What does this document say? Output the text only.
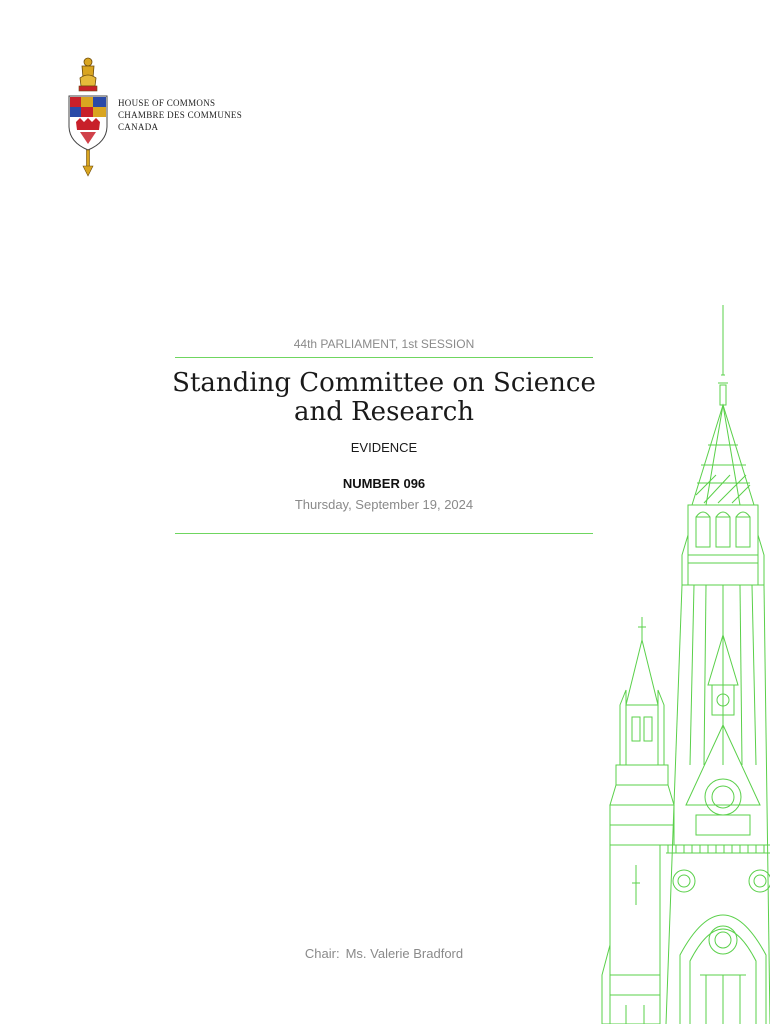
HOUSE OF COMMONS
CHAMBRE DES COMMUNES
CANADA
44th PARLIAMENT, 1st SESSION
Standing Committee on Science and Research
EVIDENCE
NUMBER 096
Thursday, September 19, 2024
Chair: Ms. Valerie Bradford
